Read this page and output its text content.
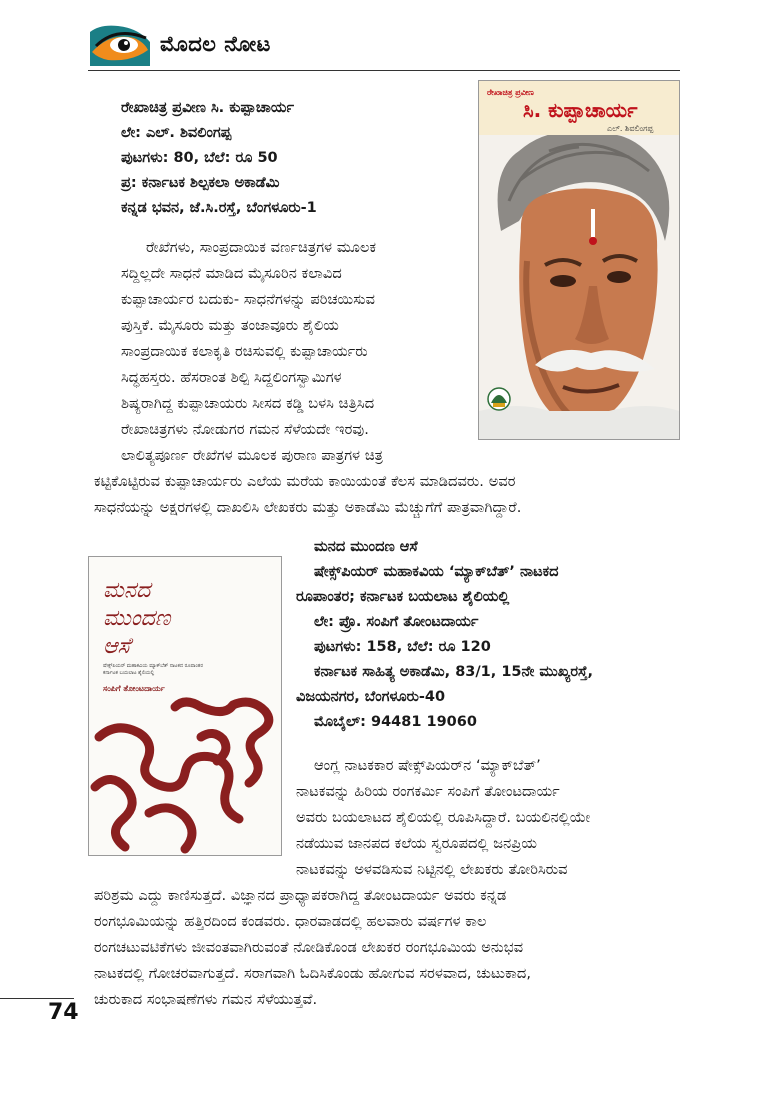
ಮೊದಲ ನೋಟ
ರೇಖಾಚಿತ್ರ ಪ್ರವೀಣ ಸಿ. ಕುಪ್ಪಾಚಾರ್ಯ
ಲೇ: ಎಲ್. ಶಿವಲಿಂಗಪ್ಪ
ಪುಟಗಳು: 80, ಬೆಲೆ: ರೂ 50
ಪ್ರ: ಕರ್ನಾಟಕ ಶಿಲ್ಪಕಲಾ ಅಕಾಡೆಮಿ
ಕನ್ನಡ ಭವನ, ಜೆ.ಸಿ.ರಸ್ತೆ, ಬೆಂಗಳೂರು-1
ರೇಖಾಚಿತ್ರ ಪ್ರವೀಣ
ಸಿ. ಕುಪ್ಪಾಚಾರ್ಯ
ಎಲ್. ಶಿವಲಿಂಗಪ್ಪ
ರೇಖೆಗಳು, ಸಾಂಪ್ರದಾಯಿಕ ವರ್ಣಚಿತ್ರಗಳ ಮೂಲಕ
ಸದ್ದಿಲ್ಲದೇ ಸಾಧನೆ ಮಾಡಿದ ಮೈಸೂರಿನ ಕಲಾವಿದ
ಕುಪ್ಪಾಚಾರ್ಯರ ಬದುಕು- ಸಾಧನೆಗಳನ್ನು ಪರಿಚಯಿಸುವ
ಪುಸ್ತಿಕೆ. ಮೈಸೂರು ಮತ್ತು ತಂಜಾವೂರು ಶೈಲಿಯ
ಸಾಂಪ್ರದಾಯಿಕ ಕಲಾಕೃತಿ ರಚಿಸುವಲ್ಲಿ ಕುಪ್ಪಾಚಾರ್ಯರು
ಸಿದ್ಧಹಸ್ತರು. ಹೆಸರಾಂತ ಶಿಲ್ಪಿ ಸಿದ್ದಲಿಂಗಸ್ವಾಮಿಗಳ
ಶಿಷ್ಯರಾಗಿದ್ದ ಕುಪ್ಪಾಚಾಯರು ಸೀಸದ ಕಡ್ಡಿ ಬಳಸಿ ಚಿತ್ರಿಸಿದ
ರೇಖಾಚಿತ್ರಗಳು ನೋಡುಗರ ಗಮನ ಸೆಳೆಯದೇ ಇರವು.
ಲಾಲಿತ್ಯಪೂರ್ಣ ರೇಖೆಗಳ ಮೂಲಕ ಪುರಾಣ ಪಾತ್ರಗಳ ಚಿತ್ರ
ಕಟ್ಟಿಕೊಟ್ಟಿರುವ ಕುಪ್ಪಾಚಾರ್ಯರು ಎಲೆಯ ಮರೆಯ ಕಾಯಿಯಂತೆ ಕೆಲಸ ಮಾಡಿದವರು. ಅವರ
ಸಾಧನೆಯನ್ನು ಅಕ್ಷರಗಳಲ್ಲಿ ದಾಖಲಿಸಿ ಲೇಖಕರು ಮತ್ತು ಅಕಾಡೆಮಿ ಮೆಚ್ಚುಗೆಗೆ ಪಾತ್ರವಾಗಿದ್ದಾರೆ.
ಮನದ
ಮುಂದಣ
ಆಸೆ
ಷೇಕ್ಸ್‌ಪಿಯರ್ ಮಹಾಕವಿಯ ಮ್ಯಾಕ್‌ಬೆತ್ ನಾಟಕದ ರೂಪಾಂತರ
ಕರ್ನಾಟಕ ಬಯಲಾಟ ಶೈಲಿಯಲ್ಲಿ
ಸಂಪಿಗೆ ತೋಂಟದಾರ್ಯ
ಮನದ ಮುಂದಣ ಆಸೆ
ಷೇಕ್ಸ್‌ಪಿಯರ್ ಮಹಾಕವಿಯ ‘ಮ್ಯಾಕ್‌ಬೆತ್’ ನಾಟಕದ
ರೂಪಾಂತರ; ಕರ್ನಾಟಕ ಬಯಲಾಟ ಶೈಲಿಯಲ್ಲಿ
ಲೇ: ಪ್ರೊ. ಸಂಪಿಗೆ ತೋಂಟದಾರ್ಯ
ಪುಟಗಳು: 158, ಬೆಲೆ: ರೂ 120
ಕರ್ನಾಟಕ ಸಾಹಿತ್ಯ ಅಕಾಡೆಮಿ, 83/1, 15ನೇ ಮುಖ್ಯರಸ್ತೆ,
ವಿಜಯನಗರ, ಬೆಂಗಳೂರು-40
ಮೊಬೈಲ್: 94481 19060
ಆಂಗ್ಲ ನಾಟಕಕಾರ ಷೇಕ್ಸ್‌ಪಿಯರ್‌ನ ‘ಮ್ಯಾಕ್‌ಬೆತ್’
ನಾಟಕವನ್ನು ಹಿರಿಯ ರಂಗಕರ್ಮಿ ಸಂಪಿಗೆ ತೋಂಟದಾರ್ಯ
ಅವರು ಬಯಲಾಟದ ಶೈಲಿಯಲ್ಲಿ ರೂಪಿಸಿದ್ದಾರೆ. ಬಯಲಿನಲ್ಲಿಯೇ
ನಡೆಯುವ ಜಾನಪದ ಕಲೆಯ ಸ್ವರೂಪದಲ್ಲಿ ಜನಪ್ರಿಯ
ನಾಟಕವನ್ನು ಅಳವಡಿಸುವ ನಿಟ್ಟಿನಲ್ಲಿ ಲೇಖಕರು ತೋರಿಸಿರುವ
ಪರಿಶ್ರಮ ಎದ್ದು ಕಾಣಿಸುತ್ತದೆ. ವಿಜ್ಞಾನದ ಪ್ರಾಧ್ಯಾಪಕರಾಗಿದ್ದ ತೋಂಟದಾರ್ಯ ಅವರು ಕನ್ನಡ
ರಂಗಭೂಮಿಯನ್ನು ಹತ್ತಿರದಿಂದ ಕಂಡವರು. ಧಾರವಾಡದಲ್ಲಿ ಹಲವಾರು ವರ್ಷಗಳ ಕಾಲ
ರಂಗಚಟುವಟಿಕೆಗಳು ಜೀವಂತವಾಗಿರುವಂತೆ ನೋಡಿಕೊಂಡ ಲೇಖಕರ ರಂಗಭೂಮಿಯ ಅನುಭವ
ನಾಟಕದಲ್ಲಿ ಗೋಚರವಾಗುತ್ತದೆ. ಸರಾಗವಾಗಿ ಓದಿಸಿಕೊಂಡು ಹೋಗುವ ಸರಳವಾದ, ಚುಟುಕಾದ,
ಚುರುಕಾದ ಸಂಭಾಷಣೆಗಳು ಗಮನ ಸೆಳೆಯುತ್ತವೆ.
74
